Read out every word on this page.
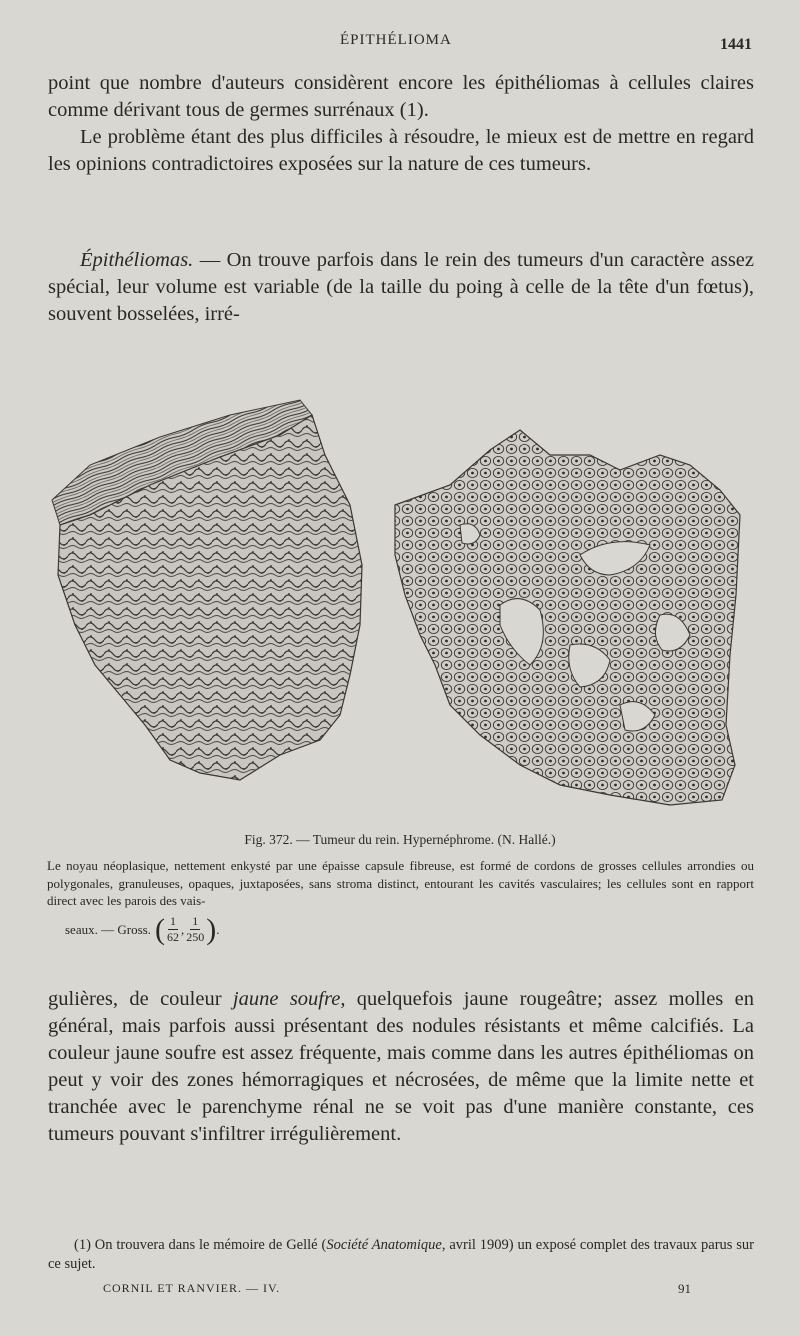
ÉPITHÉLIOMA	1441

point que nombre d'auteurs considèrent encore les épithéliomas à cellules claires comme dérivant tous de germes surrénaux (1).

Le problème étant des plus difficiles à résoudre, le mieux est de mettre en regard les opinions contradictoires exposées sur la nature de ces tumeurs.

Épithéliomas. — On trouve parfois dans le rein des tumeurs d'un caractère assez spécial, leur volume est variable (de la taille du poing à celle de la tête d'un fœtus), souvent bosselées, irré-

Fig. 372. — Tumeur du rein. Hypernéphrome. (N. Hallé.)
Le noyau néoplasique, nettement enkysté par une épaisse capsule fibreuse, est formé de cordons de grosses cellules arrondies ou polygonales, granuleuses, opaques, juxtaposées, sans stroma distinct, entourant les cavités vasculaires; les cellules sont en rapport direct avec les parois des vais-
seaux. — Gross. ( $\frac{1}{62}$ , $\frac{1}{250}$ ) .

gulières, de couleur jaune soufre, quelquefois jaune rougeâtre; assez molles en général, mais parfois aussi présentant des nodules résistants et même calcifiés. La couleur jaune soufre est assez fréquente, mais comme dans les autres épithéliomas on peut y voir des zones hémorragiques et nécrosées, de même que la limite nette et tranchée avec le parenchyme rénal ne se voit pas d'une manière constante, ces tumeurs pouvant s'infiltrer irrégulièrement.

(1) On trouvera dans le mémoire de Gellé (Société Anatomique, avril 1909) un exposé complet des travaux parus sur ce sujet.

CORNIL ET RANVIER. — IV.	91
